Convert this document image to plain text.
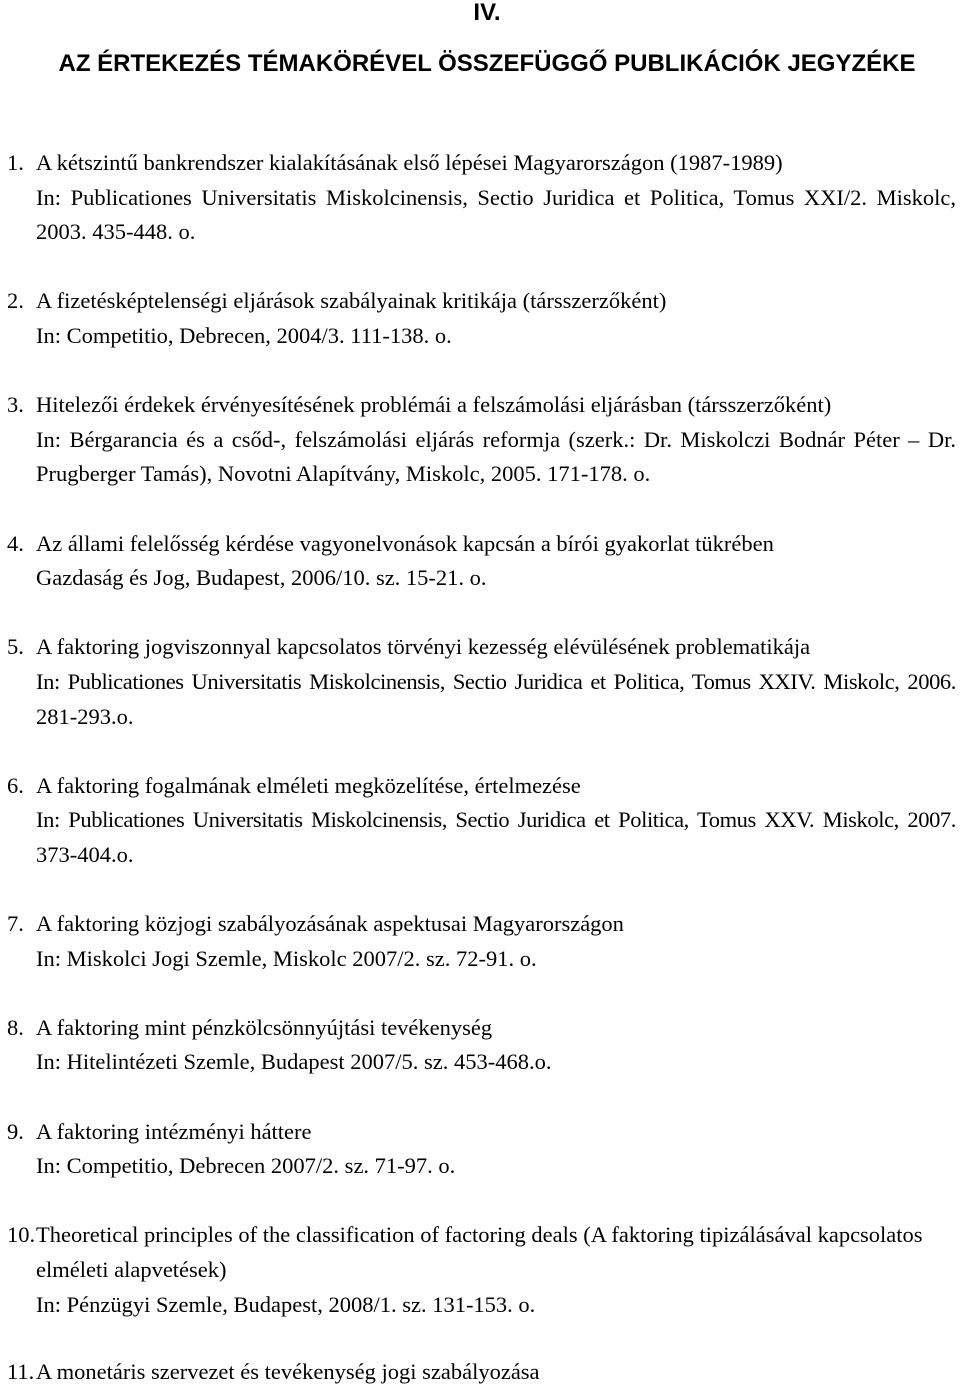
IV.
AZ ÉRTEKEZÉS TÉMAKÖRÉVEL ÖSSZEFÜGGŐ PUBLIKÁCIÓK JEGYZÉKE
1. A kétszintű bankrendszer kialakításának első lépései Magyarországon (1987-1989)
In: Publicationes Universitatis Miskolcinensis, Sectio Juridica et Politica, Tomus XXI/2. Miskolc,
2003. 435-448. o.
2. A fizetésképtelenségi eljárások szabályainak kritikája (társszerzőként)
In: Competitio, Debrecen, 2004/3. 111-138. o.
3. Hitelezői érdekek érvényesítésének problémái a felszámolási eljárásban (társszerzőként)
In: Bérgarancia és a csőd-, felszámolási eljárás reformja (szerk.: Dr. Miskolczi Bodnár Péter – Dr.
Prugberger Tamás), Novotni Alapítvány, Miskolc, 2005. 171-178. o.
4. Az állami felelősség kérdése vagyonelvonások kapcsán a bírói gyakorlat tükrében
Gazdaság és Jog, Budapest, 2006/10. sz. 15-21. o.
5. A faktoring jogviszonnyal kapcsolatos törvényi kezesség elévülésének problematikája
In: Publicationes Universitatis Miskolcinensis, Sectio Juridica et Politica, Tomus XXIV. Miskolc, 2006.
281-293.o.
6. A faktoring fogalmának elméleti megközelítése, értelmezése
In: Publicationes Universitatis Miskolcinensis, Sectio Juridica et Politica, Tomus XXV. Miskolc, 2007.
373-404.o.
7. A faktoring közjogi szabályozásának aspektusai Magyarországon
In: Miskolci Jogi Szemle, Miskolc 2007/2. sz. 72-91. o.
8. A faktoring mint pénzkölcsönnyújtási tevékenység
In: Hitelintézeti Szemle, Budapest 2007/5. sz. 453-468.o.
9. A faktoring intézményi háttere
In: Competitio, Debrecen 2007/2. sz. 71-97. o.
10. Theoretical principles of the classification of factoring deals (A faktoring tipizálásával kapcsolatos
elméleti alapvetések)
In: Pénzügyi Szemle, Budapest, 2008/1. sz. 131-153. o.
11. A monetáris szervezet és tevékenység jogi szabályozása
